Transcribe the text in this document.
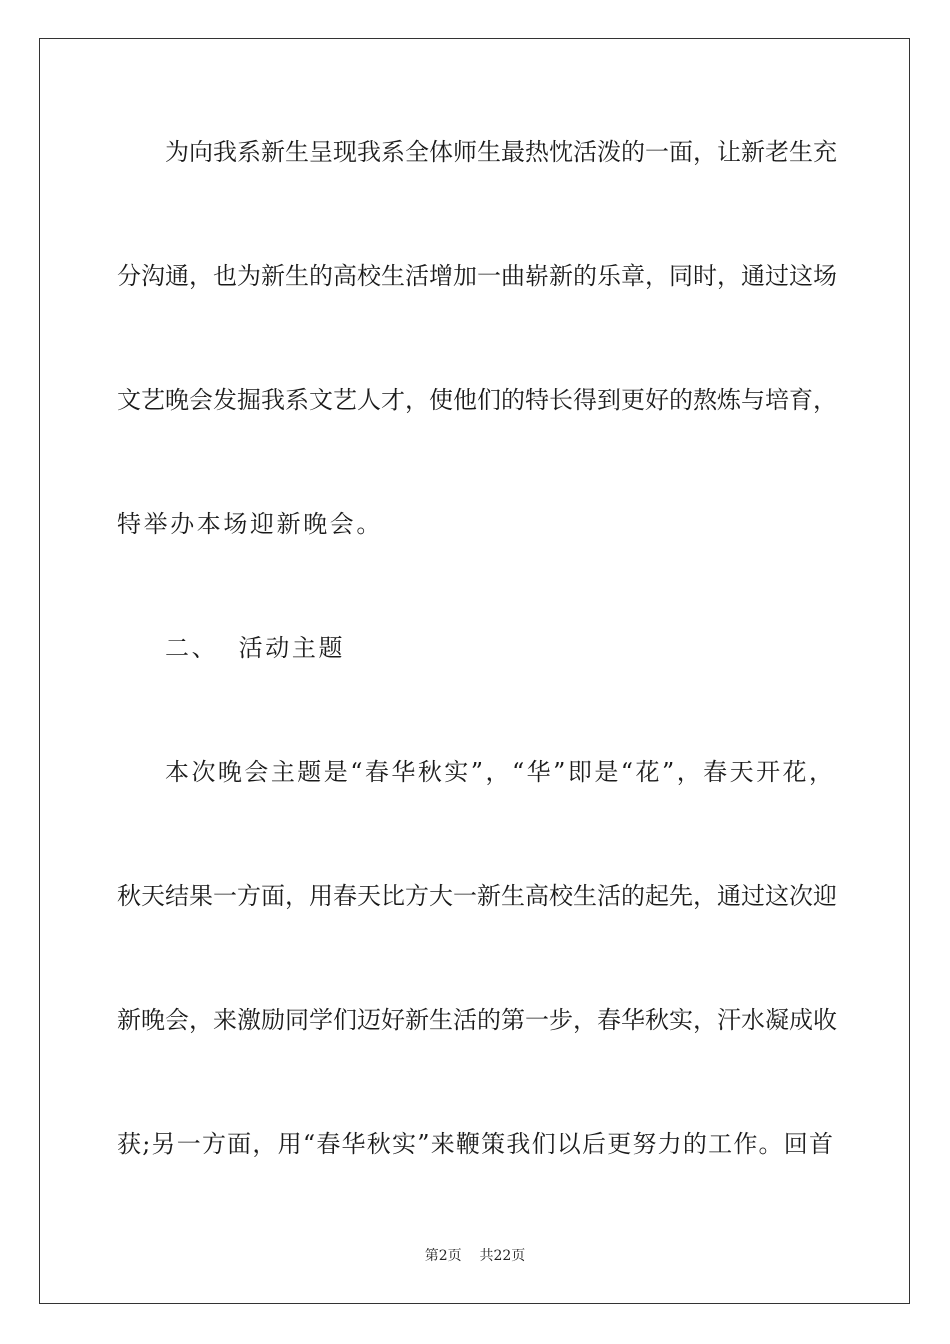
为向我系新生呈现我系全体师生最热忱活泼的一面，让新老生充
分沟通，也为新生的高校生活增加一曲崭新的乐章，同时，通过这场
文艺晚会发掘我系文艺人才，使他们的特长得到更好的熬炼与培育，
特举办本场迎新晚会。
二、  活动主题
本次晚会主题是“春华秋实”，“华”即是“花”，春天开花，
秋天结果一方面，用春天比方大一新生高校生活的起先，通过这次迎
新晚会，来激励同学们迈好新生活的第一步，春华秋实，汗水凝成收
获;另一方面，用“春华秋实”来鞭策我们以后更努力的工作。回首
第2页 共22页
